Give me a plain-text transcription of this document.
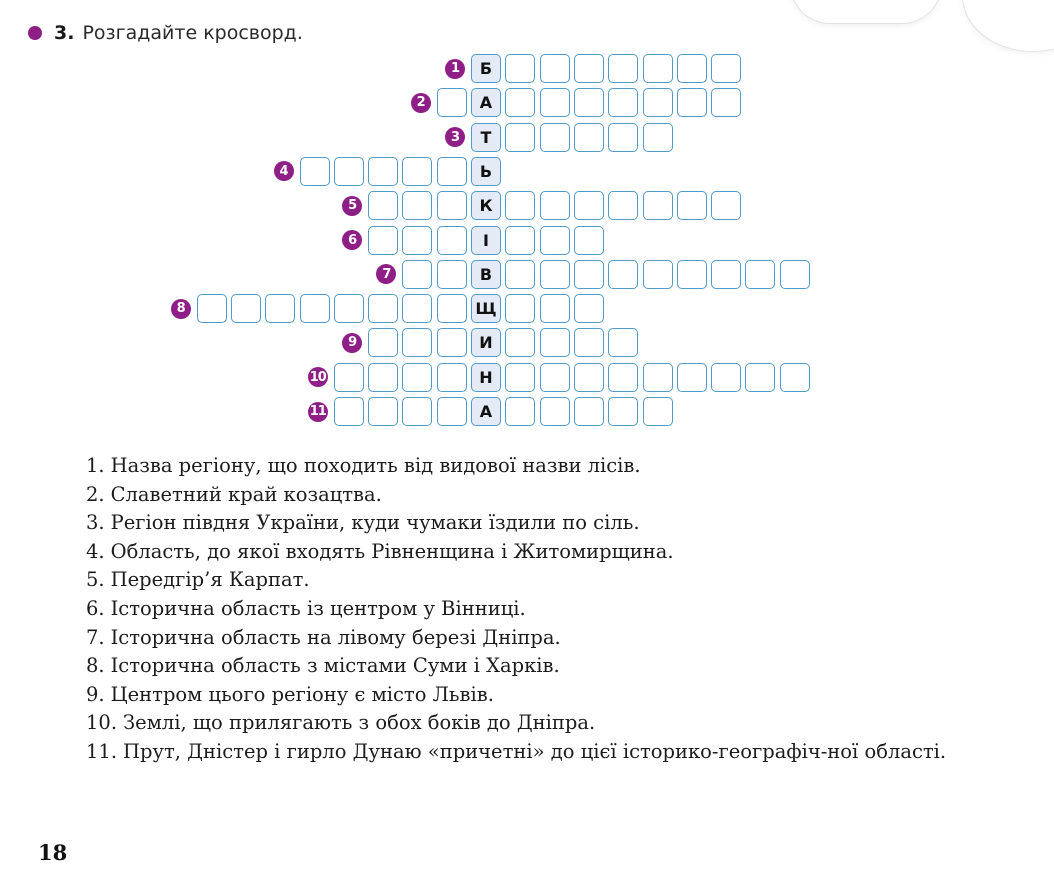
3. Розгадайте кросворд.
Б
1
А
2
Т
3
Ь
4
К
5
І
6
В
7
Щ
8
И
9
Н
10
А
11
1. Назва регіону, що походить від видової назви лісів.
2. Славетний край козацтва.
3. Регіон півдня України, куди чумаки їздили по сіль.
4. Область, до якої входять Рівненщина і Житомирщина.
5. Передгір’я Карпат.
6. Історична область із центром у Вінниці.
7. Історична область на лівому березі Дніпра.
8. Історична область з містами Суми і Харків.
9. Центром цього регіону є місто Львів.
10. Землі, що прилягають з обох боків до Дніпра.
11. Прут, Дністер і гирло Дунаю «причетні» до цієї історико-географіч-ної області.
18
